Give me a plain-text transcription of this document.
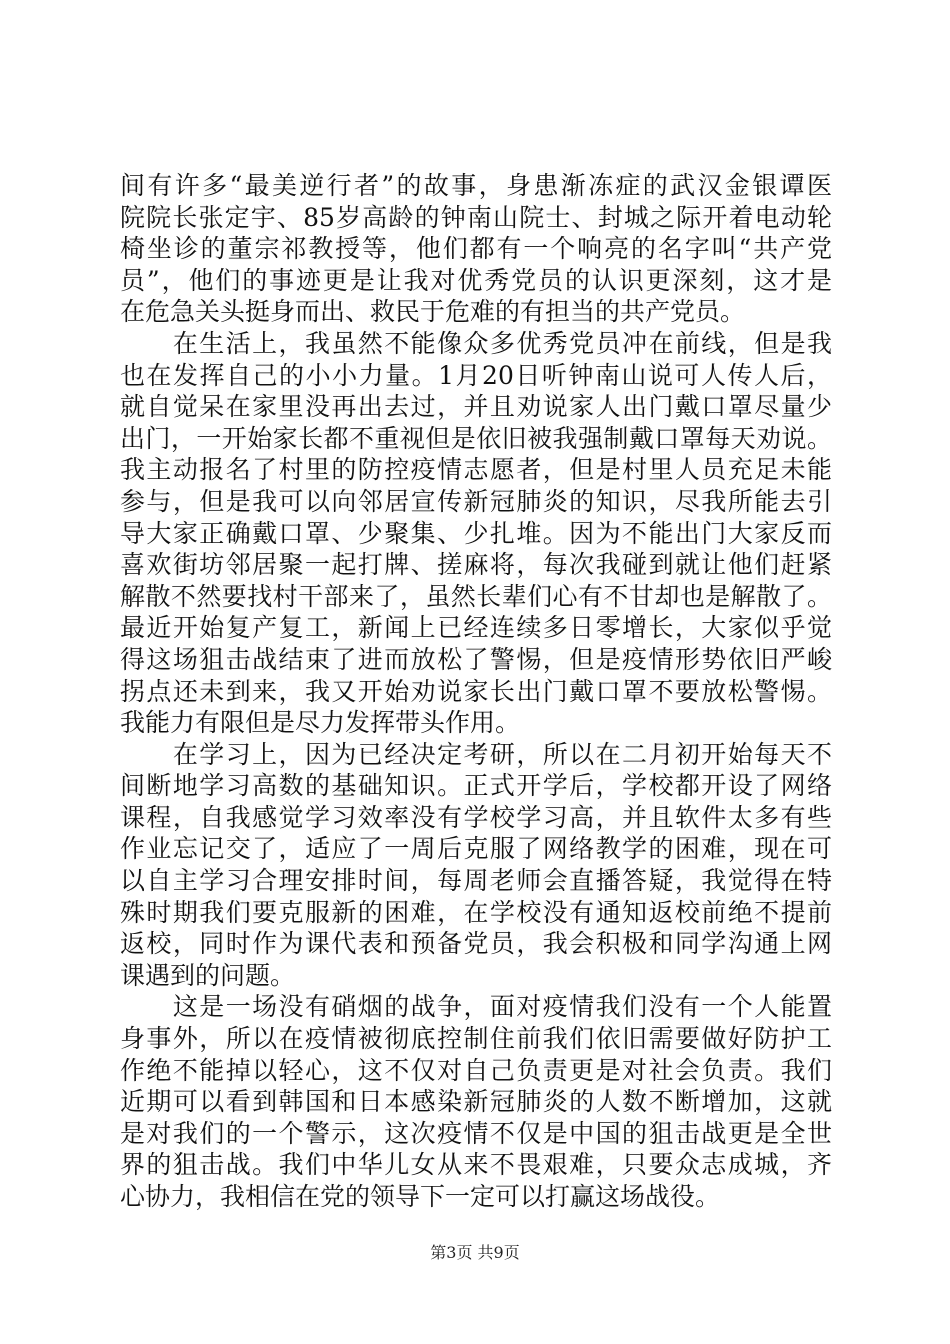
间有许多“最美逆行者”的故事，身患渐冻症的武汉金银谭医
院院长张定宇、85岁高龄的钟南山院士、封城之际开着电动轮
椅坐诊的董宗祁教授等，他们都有一个响亮的名字叫“共产党
员”，他们的事迹更是让我对优秀党员的认识更深刻，这才是
在危急关头挺身而出、救民于危难的有担当的共产党员。
　　在生活上，我虽然不能像众多优秀党员冲在前线，但是我
也在发挥自己的小小力量。1月20日听钟南山说可人传人后，
就自觉呆在家里没再出去过，并且劝说家人出门戴口罩尽量少
出门，一开始家长都不重视但是依旧被我强制戴口罩每天劝说。
我主动报名了村里的防控疫情志愿者，但是村里人员充足未能
参与，但是我可以向邻居宣传新冠肺炎的知识，尽我所能去引
导大家正确戴口罩、少聚集、少扎堆。因为不能出门大家反而
喜欢街坊邻居聚一起打牌、搓麻将，每次我碰到就让他们赶紧
解散不然要找村干部来了，虽然长辈们心有不甘却也是解散了。
最近开始复产复工，新闻上已经连续多日零增长，大家似乎觉
得这场狙击战结束了进而放松了警惕，但是疫情形势依旧严峻
拐点还未到来，我又开始劝说家长出门戴口罩不要放松警惕。
我能力有限但是尽力发挥带头作用。
　　在学习上，因为已经决定考研，所以在二月初开始每天不
间断地学习高数的基础知识。正式开学后，学校都开设了网络
课程，自我感觉学习效率没有学校学习高，并且软件太多有些
作业忘记交了，适应了一周后克服了网络教学的困难，现在可
以自主学习合理安排时间，每周老师会直播答疑，我觉得在特
殊时期我们要克服新的困难，在学校没有通知返校前绝不提前
返校，同时作为课代表和预备党员，我会积极和同学沟通上网
课遇到的问题。
　　这是一场没有硝烟的战争，面对疫情我们没有一个人能置
身事外，所以在疫情被彻底控制住前我们依旧需要做好防护工
作绝不能掉以轻心，这不仅对自己负责更是对社会负责。我们
近期可以看到韩国和日本感染新冠肺炎的人数不断增加，这就
是对我们的一个警示，这次疫情不仅是中国的狙击战更是全世
界的狙击战。我们中华儿女从来不畏艰难，只要众志成城，齐
心协力，我相信在党的领导下一定可以打赢这场战役。
第3页 共9页
